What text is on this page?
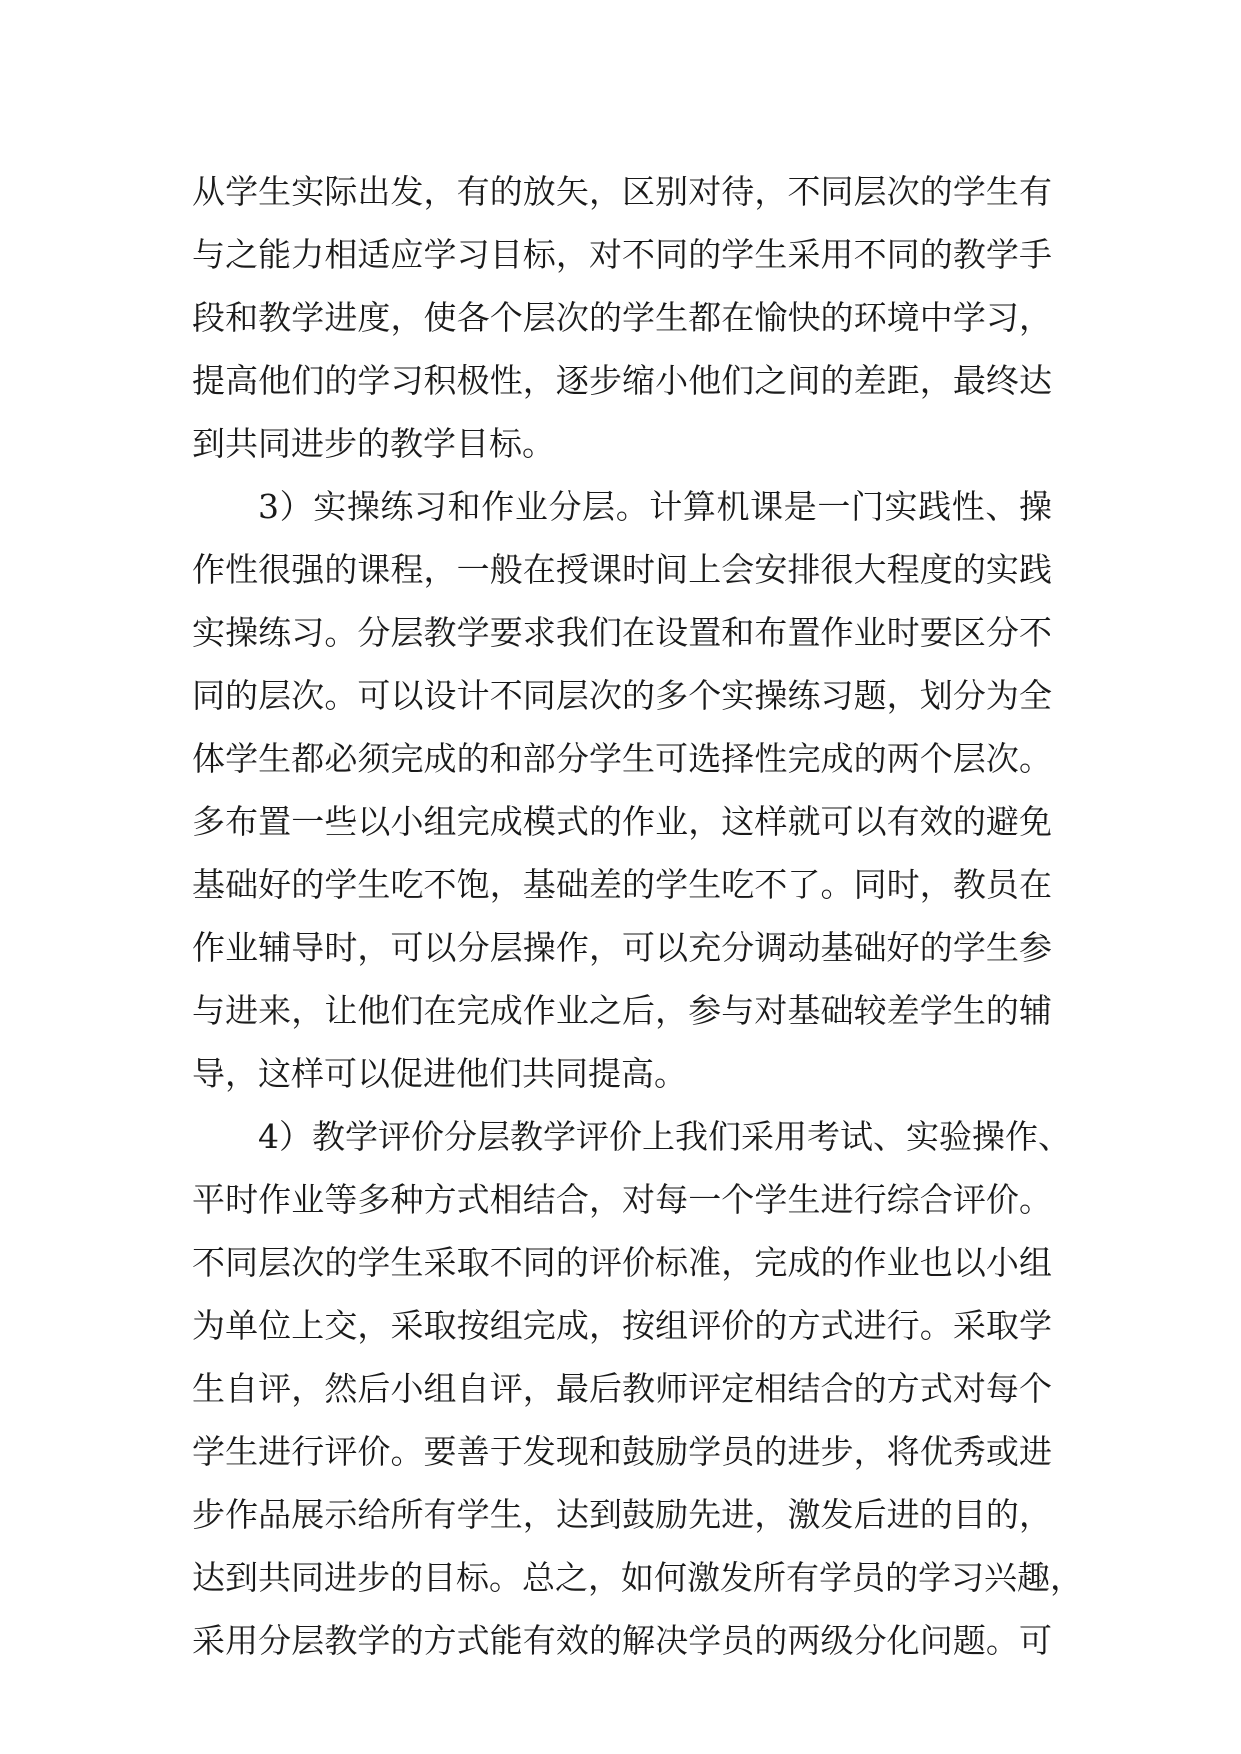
从学生实际出发，有的放矢，区别对待，不同层次的学生有
与之能力相适应学习目标，对不同的学生采用不同的教学手
段和教学进度，使各个层次的学生都在愉快的环境中学习，
提高他们的学习积极性，逐步缩小他们之间的差距，最终达
到共同进步的教学目标。
3）实操练习和作业分层。计算机课是一门实践性、操
作性很强的课程，一般在授课时间上会安排很大程度的实践
实操练习。分层教学要求我们在设置和布置作业时要区分不
同的层次。可以设计不同层次的多个实操练习题，划分为全
体学生都必须完成的和部分学生可选择性完成的两个层次。
多布置一些以小组完成模式的作业，这样就可以有效的避免
基础好的学生吃不饱，基础差的学生吃不了。同时，教员在
作业辅导时，可以分层操作，可以充分调动基础好的学生参
与进来，让他们在完成作业之后，参与对基础较差学生的辅
导，这样可以促进他们共同提高。
4）教学评价分层教学评价上我们采用考试、实验操作、
平时作业等多种方式相结合，对每一个学生进行综合评价。
不同层次的学生采取不同的评价标准，完成的作业也以小组
为单位上交，采取按组完成，按组评价的方式进行。采取学
生自评，然后小组自评，最后教师评定相结合的方式对每个
学生进行评价。要善于发现和鼓励学员的进步，将优秀或进
步作品展示给所有学生，达到鼓励先进，激发后进的目的，
达到共同进步的目标。总之，如何激发所有学员的学习兴趣，
采用分层教学的方式能有效的解决学员的两级分化问题。可
